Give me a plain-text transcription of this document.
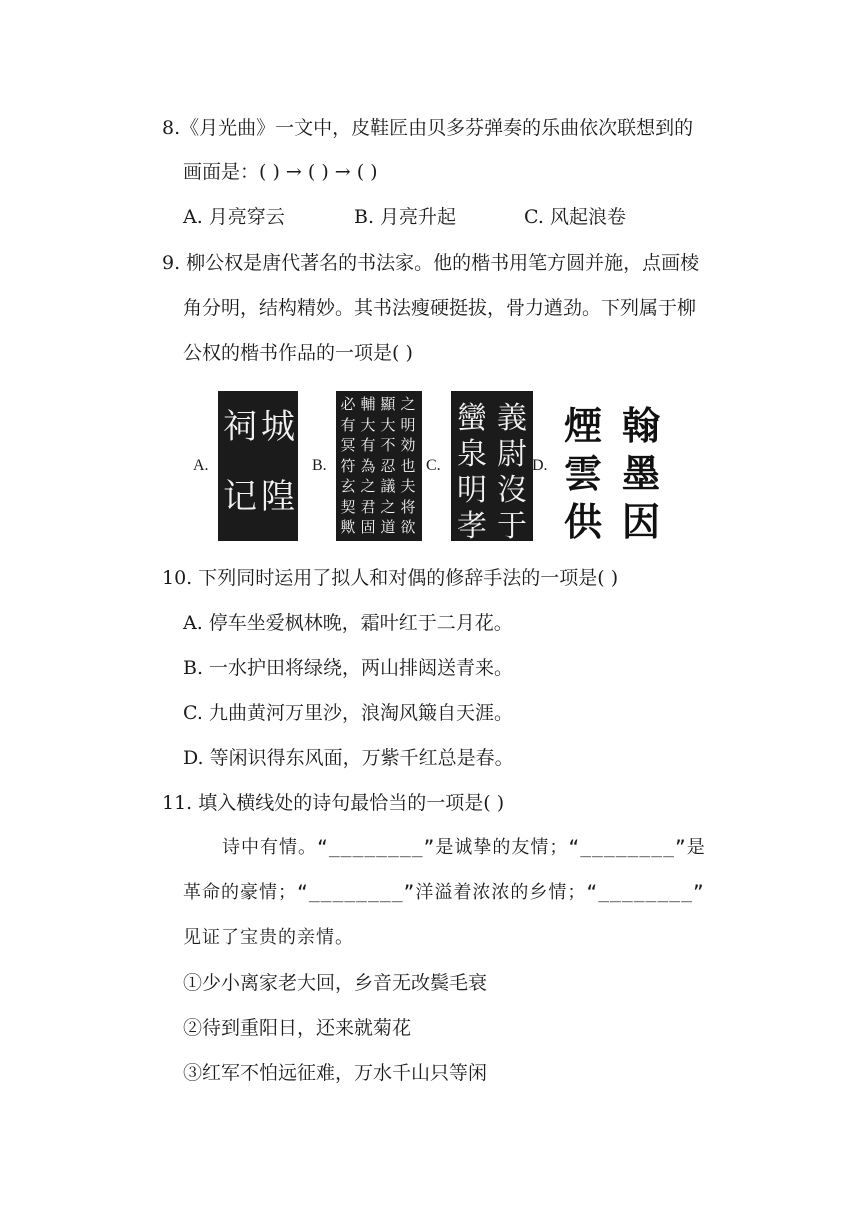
8.《月光曲》一文中，皮鞋匠由贝多芬弹奏的乐曲依次联想到的
画面是：( ) → ( ) → ( )
A. 月亮穿云	B. 月亮升起	C. 风起浪卷
9. 柳公权是唐代著名的书法家。他的楷书用笔方圆并施，点画棱
角分明，结构精妙。其书法瘦硬挺拔，骨力遒劲。下列属于柳
公权的楷书作品的一项是( )
A.
城
隍
祠
记
B.
之
明
効
也
夫
将
欲
顯
大
不
忍
議
之
道
輔
大
有
為
之
君
固
必
有
冥
符
玄
契
歟
C.
義
尉
沒
于
蠻
泉
明
孝
D.
翰
墨
因
煙
雲
供
10. 下列同时运用了拟人和对偶的修辞手法的一项是( )
A. 停车坐爱枫林晚，霜叶红于二月花。
B. 一水护田将绿绕，两山排闼送青来。
C. 九曲黄河万里沙，浪淘风簸自天涯。
D. 等闲识得东风面，万紫千红总是春。
11. 填入横线处的诗句最恰当的一项是( )
诗中有情。“________”是诚挚的友情；“________”是
革命的豪情；“________”洋溢着浓浓的乡情；“________”
见证了宝贵的亲情。
①少小离家老大回，乡音无改鬓毛衰
②待到重阳日，还来就菊花
③红军不怕远征难，万水千山只等闲
